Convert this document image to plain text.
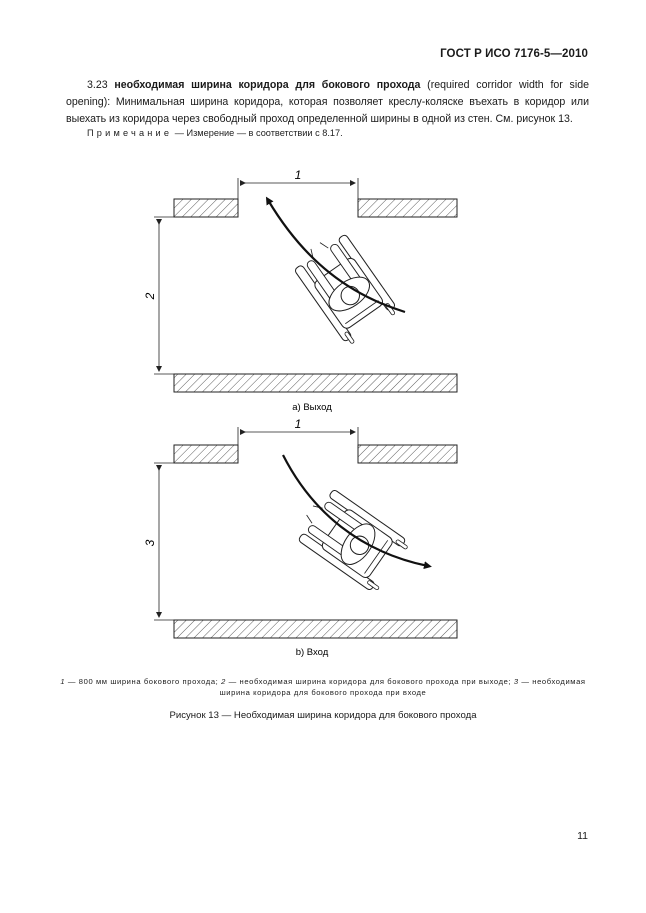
ГОСТ Р ИСО 7176-5—2010
3.23 необходимая ширина коридора для бокового прохода (required corridor width for side opening): Минимальная ширина коридора, которая позволяет креслу-коляске въехать в коридор или выехать из коридора через свободный проход определенной ширины в одной из стен. См. рисунок 13.
Примечание — Измерение — в соответствии с 8.17.
1
2
а) Выход
1
3
b) Вход
1 — 800 мм ширина бокового прохода; 2 — необходимая ширина коридора для бокового прохода при выходе; 3 — необходимая ширина коридора для бокового прохода при входе
Рисунок 13 — Необходимая ширина коридора для бокового прохода
11
